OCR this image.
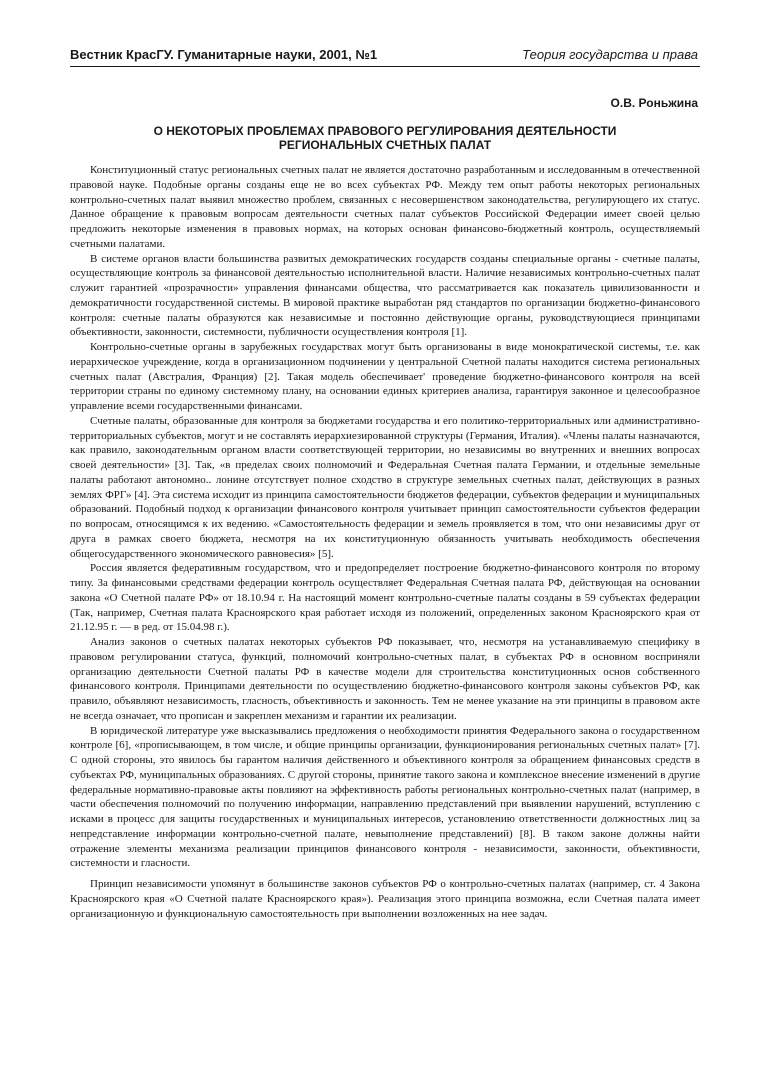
Вестник КрасГУ. Гуманитарные науки, 2001, №1	Теория государства и права
О.В. Роньжина
О НЕКОТОРЫХ ПРОБЛЕМАХ ПРАВОВОГО РЕГУЛИРОВАНИЯ ДЕЯТЕЛЬНОСТИ
РЕГИОНАЛЬНЫХ СЧЕТНЫХ ПАЛАТ

Конституционный статус региональных счетных палат не является достаточно разработанным и исследованным в отечественной правовой науке. Подобные органы созданы еще не во всех субъектах РФ. Между тем опыт работы некоторых региональных контрольно-счетных палат выявил множество проблем, связанных с несовершенством законодательства, регулирующего их статус. Данное обращение к правовым вопросам деятельности счетных палат субъектов Российской Федерации имеет своей целью предложить некоторые изменения в правовых нормах, на которых основан финансово-бюджетный контроль, осуществляемый счетными палатами.

В системе органов власти большинства развитых демократических государств созданы специальные органы - счетные палаты, осуществляющие контроль за финансовой деятельностью исполнительной власти. Наличие независимых контрольно-счетных палат служит гарантией «прозрачности» управления финансами общества, что рассматривается как показатель цивилизованности и демократичности государственной системы. В мировой практике выработан ряд стандартов по организации бюджетно-финансового контроля: счетные палаты образуются как независимые и постоянно действующие органы, руководствующиеся принципами объективности, законности, системности, публичности осуществления контроля [1].

Контрольно-счетные органы в зарубежных государствах могут быть организованы в виде монократической системы, т.е. как иерархическое учреждение, когда в организационном подчинении у центральной Счетной палаты находится система региональных счетных палат (Австралия, Франция) [2]. Такая модель обеспечивает' проведение бюджетно-финансового контроля на всей территории страны по единому системному плану, на основании единых критериев анализа, гарантируя законное и целесообразное управление всеми государственными финансами.

Счетные палаты, образованные для контроля за бюджетами государства и его политико-территориальных или административно-территориальных субъектов, могут и не составлять иерархиезированной структуры (Германия, Италия). «Члены палаты назначаются, как правило, законодательным органом власти соответствующей территории, но независимы во внутренних и внешних вопросах своей деятельности» [3]. Так, «в пределах своих полномочий и Федеральная Счетная палата Германии, и отдельные земельные палаты работают автономно.. лонине отсутствует полное сходство в структуре земельных счетных палат, действующих в разных землях ФРГ» [4]. Эта система исходит из принципа самостоятельности бюджетов федерации, субъектов федерации и муниципальных образований. Подобный подход к организации финансового контроля учитывает принцип самостоятельности субъектов федерации по вопросам, относящимся к их ведению. «Самостоятельность федерации и земель проявляется в том, что они независимы друг от друга в рамках своего бюджета, несмотря на их конституционную обязанность учитывать необходимость обеспечения общегосударственного экономического равновесия» [5].

Россия является федеративным государством, что и предопределяет построение бюджетно-финансового контроля по второму типу. За финансовыми средствами федерации контроль осуществляет Федеральная Счетная палата РФ, действующая на основании закона «О Счетной палате РФ» от 18.10.94 г. На настоящий момент контрольно-счетные палаты созданы в 59 субъектах федерации (Так, например, Счетная палата Красноярского края работает исходя из положений, определенных законом Красноярского края от 21.12.95 г. — в ред. от 15.04.98 г.).

Анализ законов о счетных палатах некоторых субъектов РФ показывает, что, несмотря на устанавливаемую специфику в правовом регулировании статуса, функций, полномочий контрольно-счетных палат, в субъектах РФ в основном восприняли организацию деятельности Счетной палаты РФ в качестве модели для строительства конституционных основ собственного финансового контроля. Принципами деятельности по осуществлению бюджетно-финансового контроля законы субъектов РФ, как правило, объявляют независимость, гласность, объективность и законность. Тем не менее указание на эти принципы в правовом акте не всегда означает, что прописан и закреплен механизм и гарантии их реализации.

В юридической литературе уже высказывались предложения о необходимости принятия Федерального закона о государственном контроле [6], «прописывающем, в том числе, и общие принципы организации, функционирования региональных счетных палат» [7]. С одной стороны, это явилось бы гарантом наличия действенного и объективного контроля за обращением финансовых средств в субъектах РФ, муниципальных образованиях. С другой стороны, принятие такого закона и комплексное внесение изменений в другие федеральные нормативно-правовые акты повлияют на эффективность работы региональных контрольно-счетных палат (например, в части обеспечения полномочий по получению информации, направлению представлений при выявлении нарушений, вступлению с исками в процесс для защиты государственных и муниципальных интересов, установлению ответственности должностных лиц за непредставление информации контрольно-счетной палате, невыполнение представлений) [8]. В таком законе должны найти отражение элементы механизма реализации принципов финансового контроля - независимости, законности, объективности, системности и гласности.

Принцип независимости упомянут в большинстве законов субъектов РФ о контрольно-счетных палатах (например, ст. 4 Закона Красноярского края «О Счетной палате Красноярского края»). Реализация этого принципа возможна, если Счетная палата имеет организационную и функциональную самостоятельность при выполнении возложенных на нее задач.
